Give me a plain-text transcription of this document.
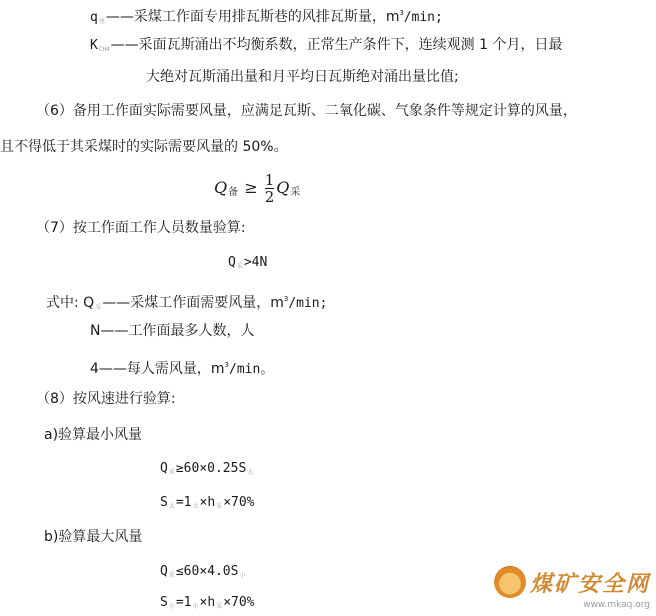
$q_尾——$采煤工作面专用排瓦斯巷的风排瓦斯量，$m^3/\min$;
$K_{CH4}——$采面瓦斯涌出不均衡系数，正常生产条件下，连续观测 1 个月，日最
大绝对瓦斯涌出量和月平均日瓦斯绝对涌出量比值;
（6）备用工作面实际需要风量，应满足瓦斯、二氧化碳、气象条件等规定计算的风量，
且不得低于其采煤时的实际需要风量的 50%。
$Q_备 \ge \frac{1}{2} Q_采$
（7）按工作面工作人员数量验算:
$Q_采>4N$
式中: $Q_采——$采煤工作面需要风量，$m^3/\min$;
N——工作面最多人数，人
4——每人需风量，$m^3/\min$。
（8）按风速进行验算:
a)验算最小风量
$Q_采\ge 60\times 0.25S_大$
$S_大=1_大\times h_采\times 70\%$
b)验算最大风量
$Q_采\le 60\times 4.0S_小$
$S_小=1_小\times h_采\times 70\%$
煤矿安全网
www.mkaq.org
